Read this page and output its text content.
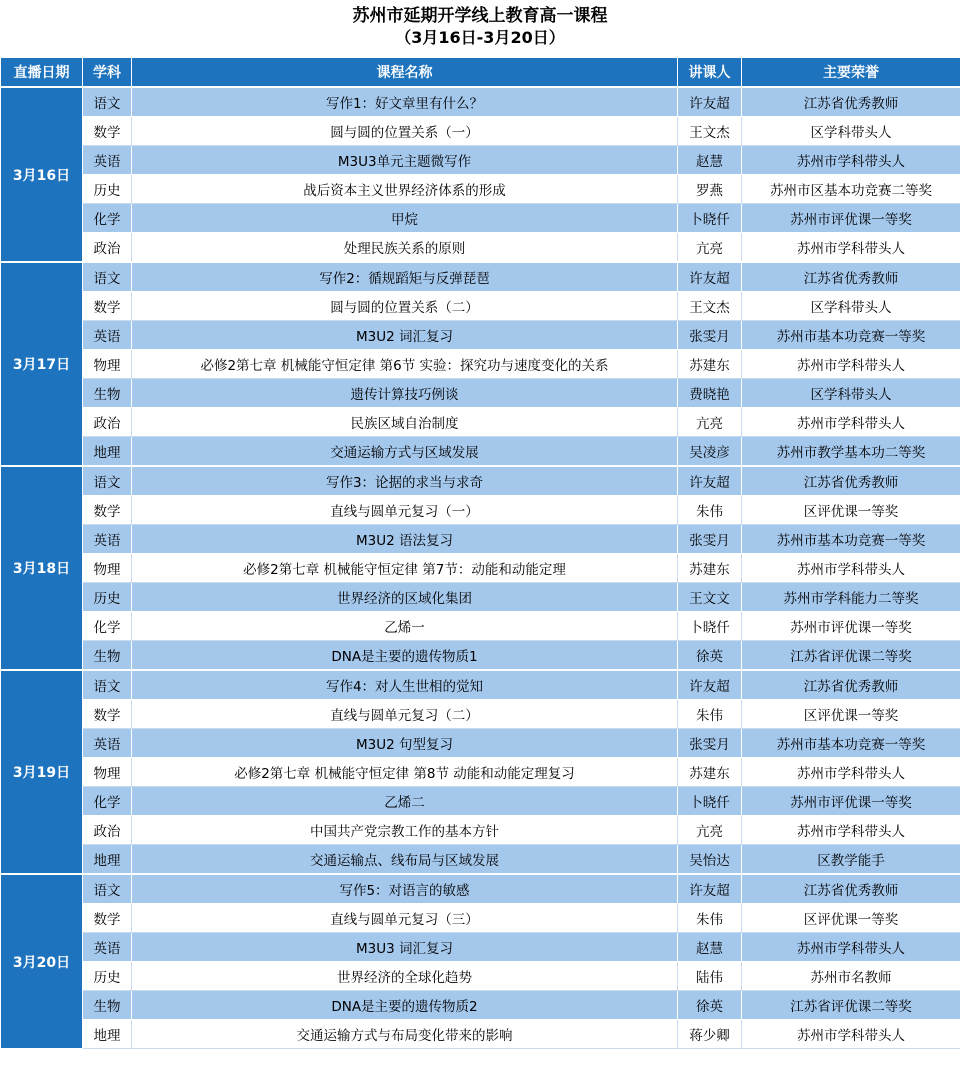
苏州市延期开学线上教育高一课程
（3月16日-3月20日）
直播日期	学科	课程名称	讲课人	主要荣誉
3月16日	语文	写作1：好文章里有什么？	许友超	江苏省优秀教师
	数学	圆与圆的位置关系（一）	王文杰	区学科带头人
	英语	M3U3单元主题微写作	赵慧	苏州市学科带头人
	历史	战后资本主义世界经济体系的形成	罗燕	苏州市区基本功竞赛二等奖
	化学	甲烷	卜晓仟	苏州市评优课一等奖
	政治	处理民族关系的原则	亢亮	苏州市学科带头人
3月17日	语文	写作2：循规蹈矩与反弹琵琶	许友超	江苏省优秀教师
	数学	圆与圆的位置关系（二）	王文杰	区学科带头人
	英语	M3U2 词汇复习	张雯月	苏州市基本功竞赛一等奖
	物理	必修2第七章 机械能守恒定律 第6节 实验：探究功与速度变化的关系	苏建东	苏州市学科带头人
	生物	遗传计算技巧例谈	费晓艳	区学科带头人
	政治	民族区域自治制度	亢亮	苏州市学科带头人
	地理	交通运输方式与区域发展	吴凌彦	苏州市教学基本功二等奖
3月18日	语文	写作3：论据的求当与求奇	许友超	江苏省优秀教师
	数学	直线与圆单元复习（一）	朱伟	区评优课一等奖
	英语	M3U2 语法复习	张雯月	苏州市基本功竞赛一等奖
	物理	必修2第七章 机械能守恒定律 第7节：动能和动能定理	苏建东	苏州市学科带头人
	历史	世界经济的区域化集团	王文文	苏州市学科能力二等奖
	化学	乙烯一	卜晓仟	苏州市评优课一等奖
	生物	DNA是主要的遗传物质1	徐英	江苏省评优课二等奖
3月19日	语文	写作4：对人生世相的觉知	许友超	江苏省优秀教师
	数学	直线与圆单元复习（二）	朱伟	区评优课一等奖
	英语	M3U2 句型复习	张雯月	苏州市基本功竞赛一等奖
	物理	必修2第七章 机械能守恒定律 第8节 动能和动能定理复习	苏建东	苏州市学科带头人
	化学	乙烯二	卜晓仟	苏州市评优课一等奖
	政治	中国共产党宗教工作的基本方针	亢亮	苏州市学科带头人
	地理	交通运输点、线布局与区域发展	吴怡达	区教学能手
3月20日	语文	写作5：对语言的敏感	许友超	江苏省优秀教师
	数学	直线与圆单元复习（三）	朱伟	区评优课一等奖
	英语	M3U3 词汇复习	赵慧	苏州市学科带头人
	历史	世界经济的全球化趋势	陆伟	苏州市名教师
	生物	DNA是主要的遗传物质2	徐英	江苏省评优课二等奖
	地理	交通运输方式与布局变化带来的影响	蒋少卿	苏州市学科带头人
